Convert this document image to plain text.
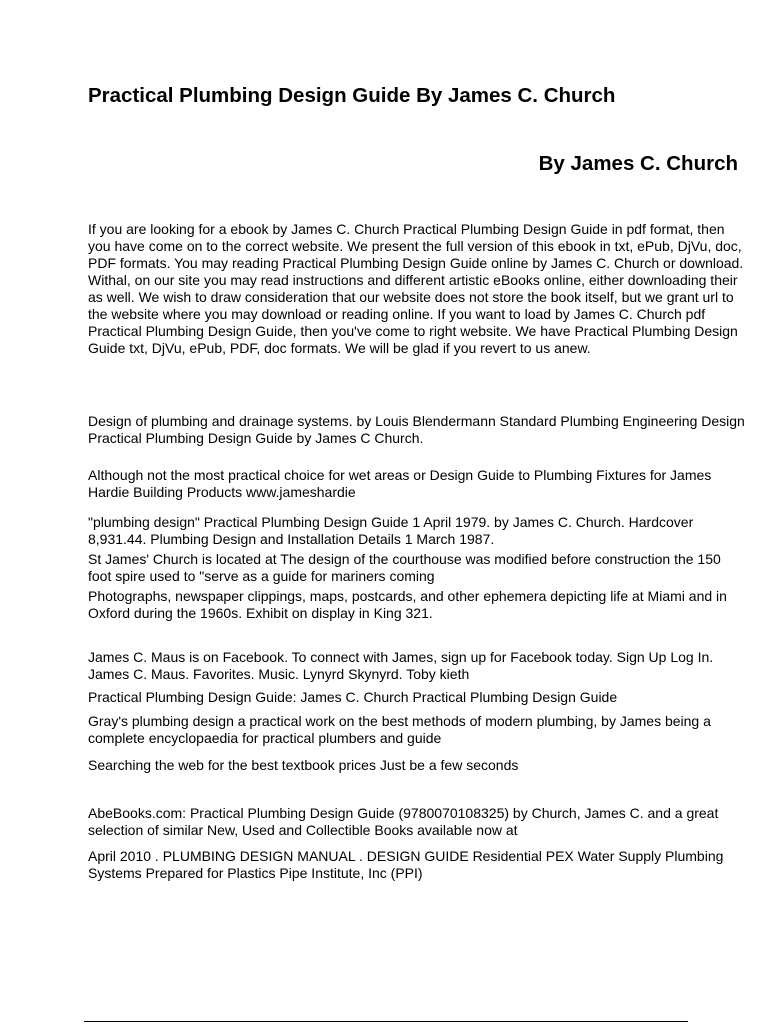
Practical Plumbing Design Guide By James C. Church
By James C. Church

If you are looking for a ebook by James C. Church Practical Plumbing Design Guide in pdf format, then you have come on to the correct website. We present the full version of this ebook in txt, ePub, DjVu, doc, PDF formats. You may reading Practical Plumbing Design Guide online by James C. Church or download. Withal, on our site you may read instructions and different artistic eBooks online, either downloading their as well. We wish to draw consideration that our website does not store the book itself, but we grant url to the website where you may download or reading online. If you want to load by James C. Church pdf Practical Plumbing Design Guide, then you've come to right website. We have Practical Plumbing Design Guide txt, DjVu, ePub, PDF, doc formats. We will be glad if you revert to us anew.

Design of plumbing and drainage systems. by Louis Blendermann Standard Plumbing Engineering Design Practical Plumbing Design Guide by James C Church.

Although not the most practical choice for wet areas or Design Guide to Plumbing Fixtures for James Hardie Building Products www.jameshardie

"plumbing design" Practical Plumbing Design Guide 1 April 1979. by James C. Church. Hardcover 8,931.44. Plumbing Design and Installation Details 1 March 1987.

St James' Church is located at The design of the courthouse was modified before construction the 150 foot spire used to "serve as a guide for mariners coming

Photographs, newspaper clippings, maps, postcards, and other ephemera depicting life at Miami and in Oxford during the 1960s. Exhibit on display in King 321.

James C. Maus is on Facebook. To connect with James, sign up for Facebook today. Sign Up Log In. James C. Maus. Favorites. Music. Lynyrd Skynyrd. Toby kieth

Practical Plumbing Design Guide: James C. Church Practical Plumbing Design Guide

Gray's plumbing design a practical work on the best methods of modern plumbing, by James being a complete encyclopaedia for practical plumbers and guide

Searching the web for the best textbook prices Just be a few seconds

AbeBooks.com: Practical Plumbing Design Guide (9780070108325) by Church, James C. and a great selection of similar New, Used and Collectible Books available now at

April 2010 . PLUMBING DESIGN MANUAL . DESIGN GUIDE Residential PEX Water Supply Plumbing Systems Prepared for Plastics Pipe Institute, Inc (PPI)
